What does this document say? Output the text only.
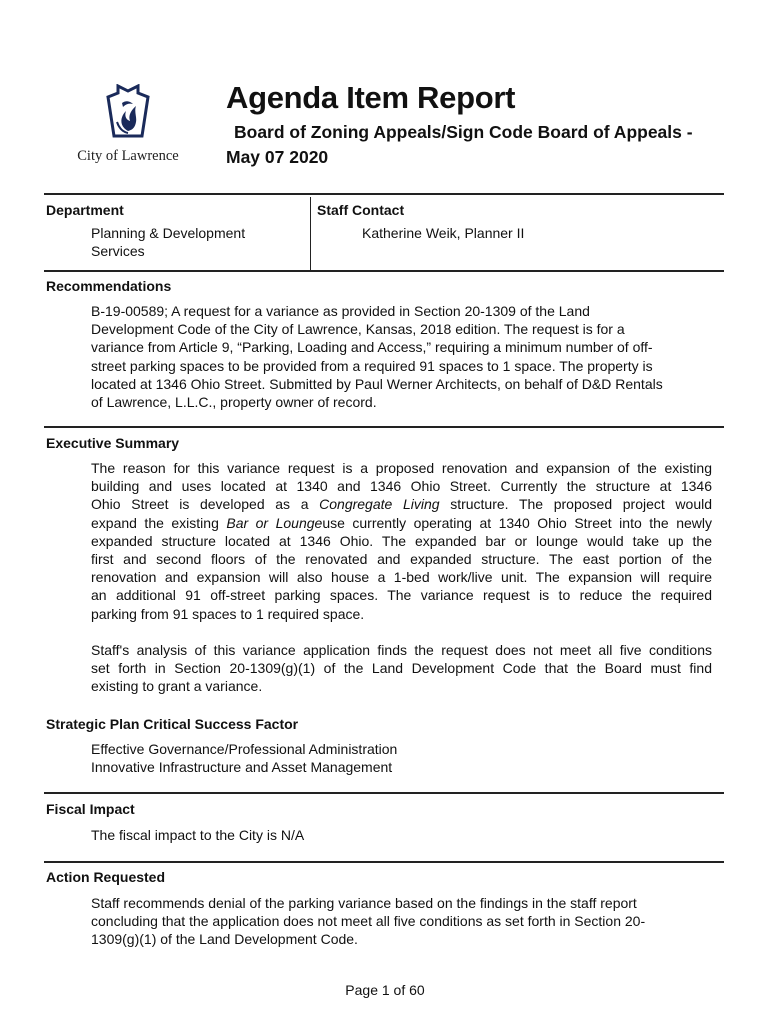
City of Lawrence
Agenda Item Report
Board of Zoning Appeals/Sign Code Board of Appeals - May 07 2020
Department
Planning & Development
Services
Staff Contact
Katherine Weik, Planner II
Recommendations
B-19-00589; A request for a variance as provided in Section 20-1309 of the Land
Development Code of the City of Lawrence, Kansas, 2018 edition. The request is for a
variance from Article 9, “Parking, Loading and Access,” requiring a minimum number of off-
street parking spaces to be provided from a required 91 spaces to 1 space. The property is
located at 1346 Ohio Street. Submitted by Paul Werner Architects, on behalf of D&D Rentals
of Lawrence, L.L.C., property owner of record.
Executive Summary
The reason for this variance request is a proposed renovation and expansion of the existing
building and uses located at 1340 and 1346 Ohio Street. Currently the structure at 1346
Ohio Street is developed as a Congregate Living structure. The proposed project would
expand the existing Bar or Loungeuse currently operating at 1340 Ohio Street into the newly
expanded structure located at 1346 Ohio. The expanded bar or lounge would take up the
first and second floors of the renovated and expanded structure. The east portion of the
renovation and expansion will also house a 1-bed work/live unit. The expansion will require
an additional 91 off-street parking spaces. The variance request is to reduce the required
parking from 91 spaces to 1 required space.
Staff's analysis of this variance application finds the request does not meet all five conditions
set forth in Section 20-1309(g)(1) of the Land Development Code that the Board must find
existing to grant a variance.
Strategic Plan Critical Success Factor
Effective Governance/Professional Administration
Innovative Infrastructure and Asset Management
Fiscal Impact
The fiscal impact to the City is N/A
Action Requested
Staff recommends denial of the parking variance based on the findings in the staff report
concluding that the application does not meet all five conditions as set forth in Section 20-
1309(g)(1) of the Land Development Code.
Page 1 of 60
